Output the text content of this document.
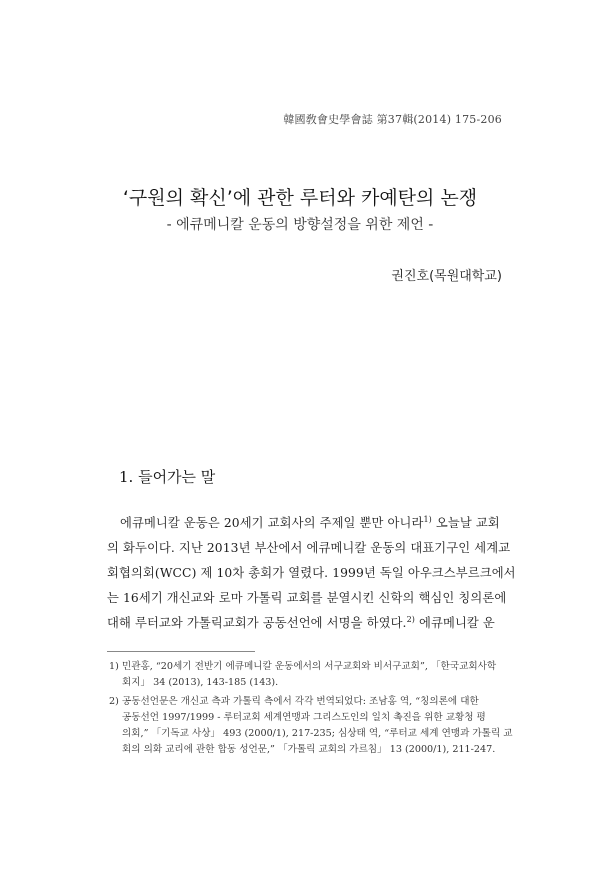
韓國敎會史學會誌 第37輯(2014) 175-206
‘구원의 확신’에 관한 루터와 카예탄의 논쟁
- 에큐메니칼 운동의 방향설정을 위한 제언 -
권진호(목원대학교)
1. 들어가는 말
에큐메니칼 운동은 20세기 교회사의 주제일 뿐만 아니라$^{1)}$ 오늘날 교회
의 화두이다. 지난 2013년 부산에서 에큐메니칼 운동의 대표기구인 세계교
회협의회(WCC) 제 10차 총회가 열렸다. 1999년 독일 아우크스부르크에서
는 16세기 개신교와 로마 가톨릭 교회를 분열시킨 신학의 핵심인 칭의론에
대해 루터교와 가톨릭교회가 공동선언에 서명을 하였다.$^{2)}$ 에큐메니칼 운
1) 민관홍, “20세기 전반기 에큐메니칼 운동에서의 서구교회와 비서구교회”, 「한국교회사학
회지」 34 (2013), 143-185 (143).
2) 공동선언문은 개신교 측과 가톨릭 측에서 각각 번역되었다: 조남홍 역, “칭의론에 대한
공동선언 1997/1999 - 루터교회 세계연맹과 그리스도인의 일치 촉진을 위한 교황청 평
의회,” 「기독교 사상」 493 (2000/1), 217-235; 심상태 역, “루터교 세계 연맹과 가톨릭 교
회의 의화 교리에 관한 합동 성언문,” 「가톨릭 교회의 가르침」 13 (2000/1), 211-247.
